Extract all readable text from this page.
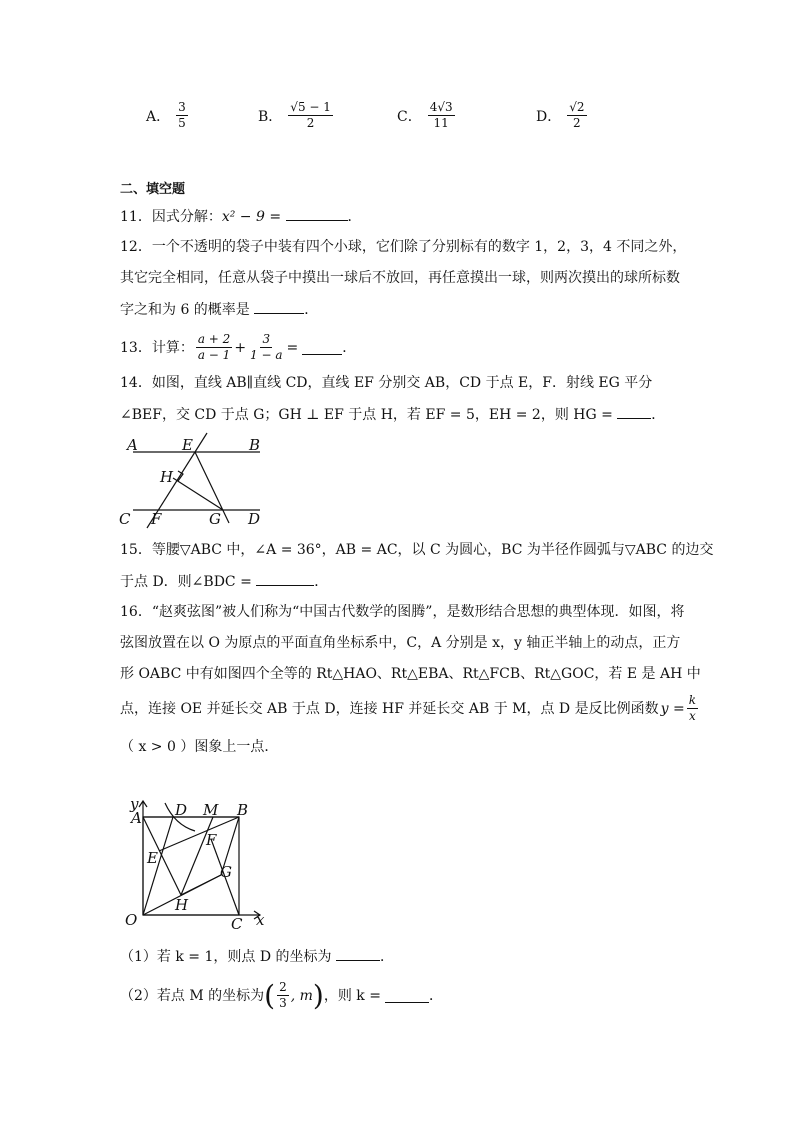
A． $\frac{3}{5}$	B． $\frac{√5 - 1}{2}$	C． $\frac{4√3}{11}$	D． $\frac{√2}{2}$
二、填空题
11．因式分解：x² − 9 =	．
12．一个不透明的袋子中装有四个小球，它们除了分别标有的数字 1，2，3，4 不同之外，
其它完全相同，任意从袋子中摸出一球后不放回，再任意摸出一球，则两次摸出的球所标数
字之和为 6 的概率是	．
13．计算： $\frac{a + 2}{a - 1} + \frac{3}{1 - a}$ =	．
14．如图，直线 AB∥直线 CD，直线 EF 分别交 AB，CD 于点 E，F．射线 EG 平分
∠BEF，交 CD 于点 G；GH ⊥ EF 于点 H，若 EF = 5，EH = 2，则 HG =	．
A	E	B
H
C F	G D
15．等腰▽ABC 中，∠A = 36°，AB = AC，以 C 为圆心，BC 为半径作圆弧与▽ABC 的边交
于点 D．则∠BDC =	．
16．“赵爽弦图”被人们称为“中国古代数学的图腾”，是数形结合思想的典型体现．如图，将
弦图放置在以 O 为原点的平面直角坐标系中，C，A 分别是 x，y 轴正半轴上的动点，正方
形 OABC 中有如图四个全等的 Rt△HAO、Rt△EBA、Rt△FCB、Rt△GOC，若 E 是 AH 中
点，连接 OE 并延长交 AB 于点 D，连接 HF 并延长交 AB 于 M，点 D 是反比例函数 $y = \frac{k}{x}$
（ x > 0 ）图象上一点．
y
x
A D M B
F
E
G
H
O	C
（1）若 k = 1，则点 D 的坐标为	．
（2）若点 M 的坐标为 ( $\frac{2}{3}$ , m ) ，则 k =	．
